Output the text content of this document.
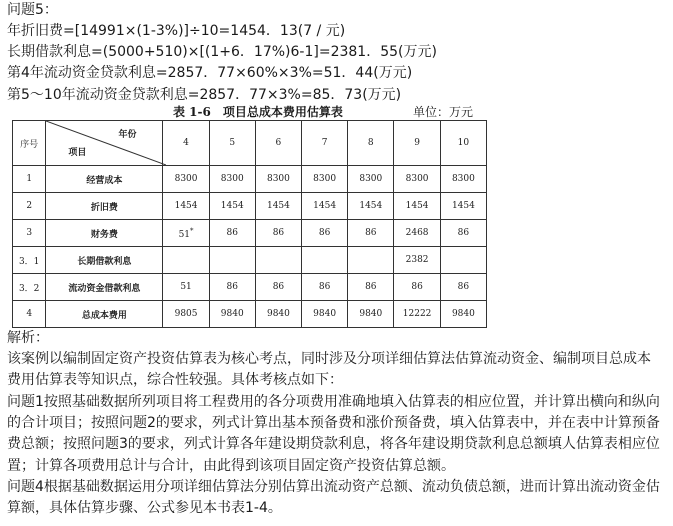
问题5：
年折旧费=[14991×(1-3%)]÷10=1454．13(7 / 元)
长期借款利息=(5000+510)×[(1+6．17%)6-1]=2381．55(万元)
第4年流动资金贷款利息=2857．77×60%×3%=51．44(万元)
第5～10年流动资金贷款利息=2857．77×3%=85．73(万元)
表 1-6　项目总成本费用估算表	单位：万元
序号	年份
项目	4	5	6	7	8	9	10
1	经营成本	8300	8300	8300	8300	8300	8300	8300
2	折旧费	1454	1454	1454	1454	1454	1454	1454
3	财务费	51*	86	86	86	86	2468	86
3．1	长期借款利息						2382	
3．2	流动资金借款利息	51	86	86	86	86	86	86
4	总成本费用	9805	9840	9840	9840	9840	12222	9840
解析：
该案例以编制固定资产投资估算表为核心考点，同时涉及分项详细估算法估算流动资金、编制项目总成本
费用估算表等知识点，综合性较强。具体考核点如下：
问题1按照基础数据所列项目将工程费用的各分项费用准确地填入估算表的相应位置，并计算出横向和纵向
的合计项目；按照问题2的要求，列式计算出基本预备费和涨价预备费，填入估算表中，并在表中计算预备
费总额；按照问题3的要求，列式计算各年建设期贷款利息，将各年建设期贷款利息总额填人估算表相应位
置；计算各项费用总计与合计，由此得到该项目固定资产投资估算总额。
问题4根据基础数据运用分项详细估算法分别估算出流动资产总额、流动负债总额，进而计算出流动资金估
算额，具体估算步骤、公式参见本书表1-4。
